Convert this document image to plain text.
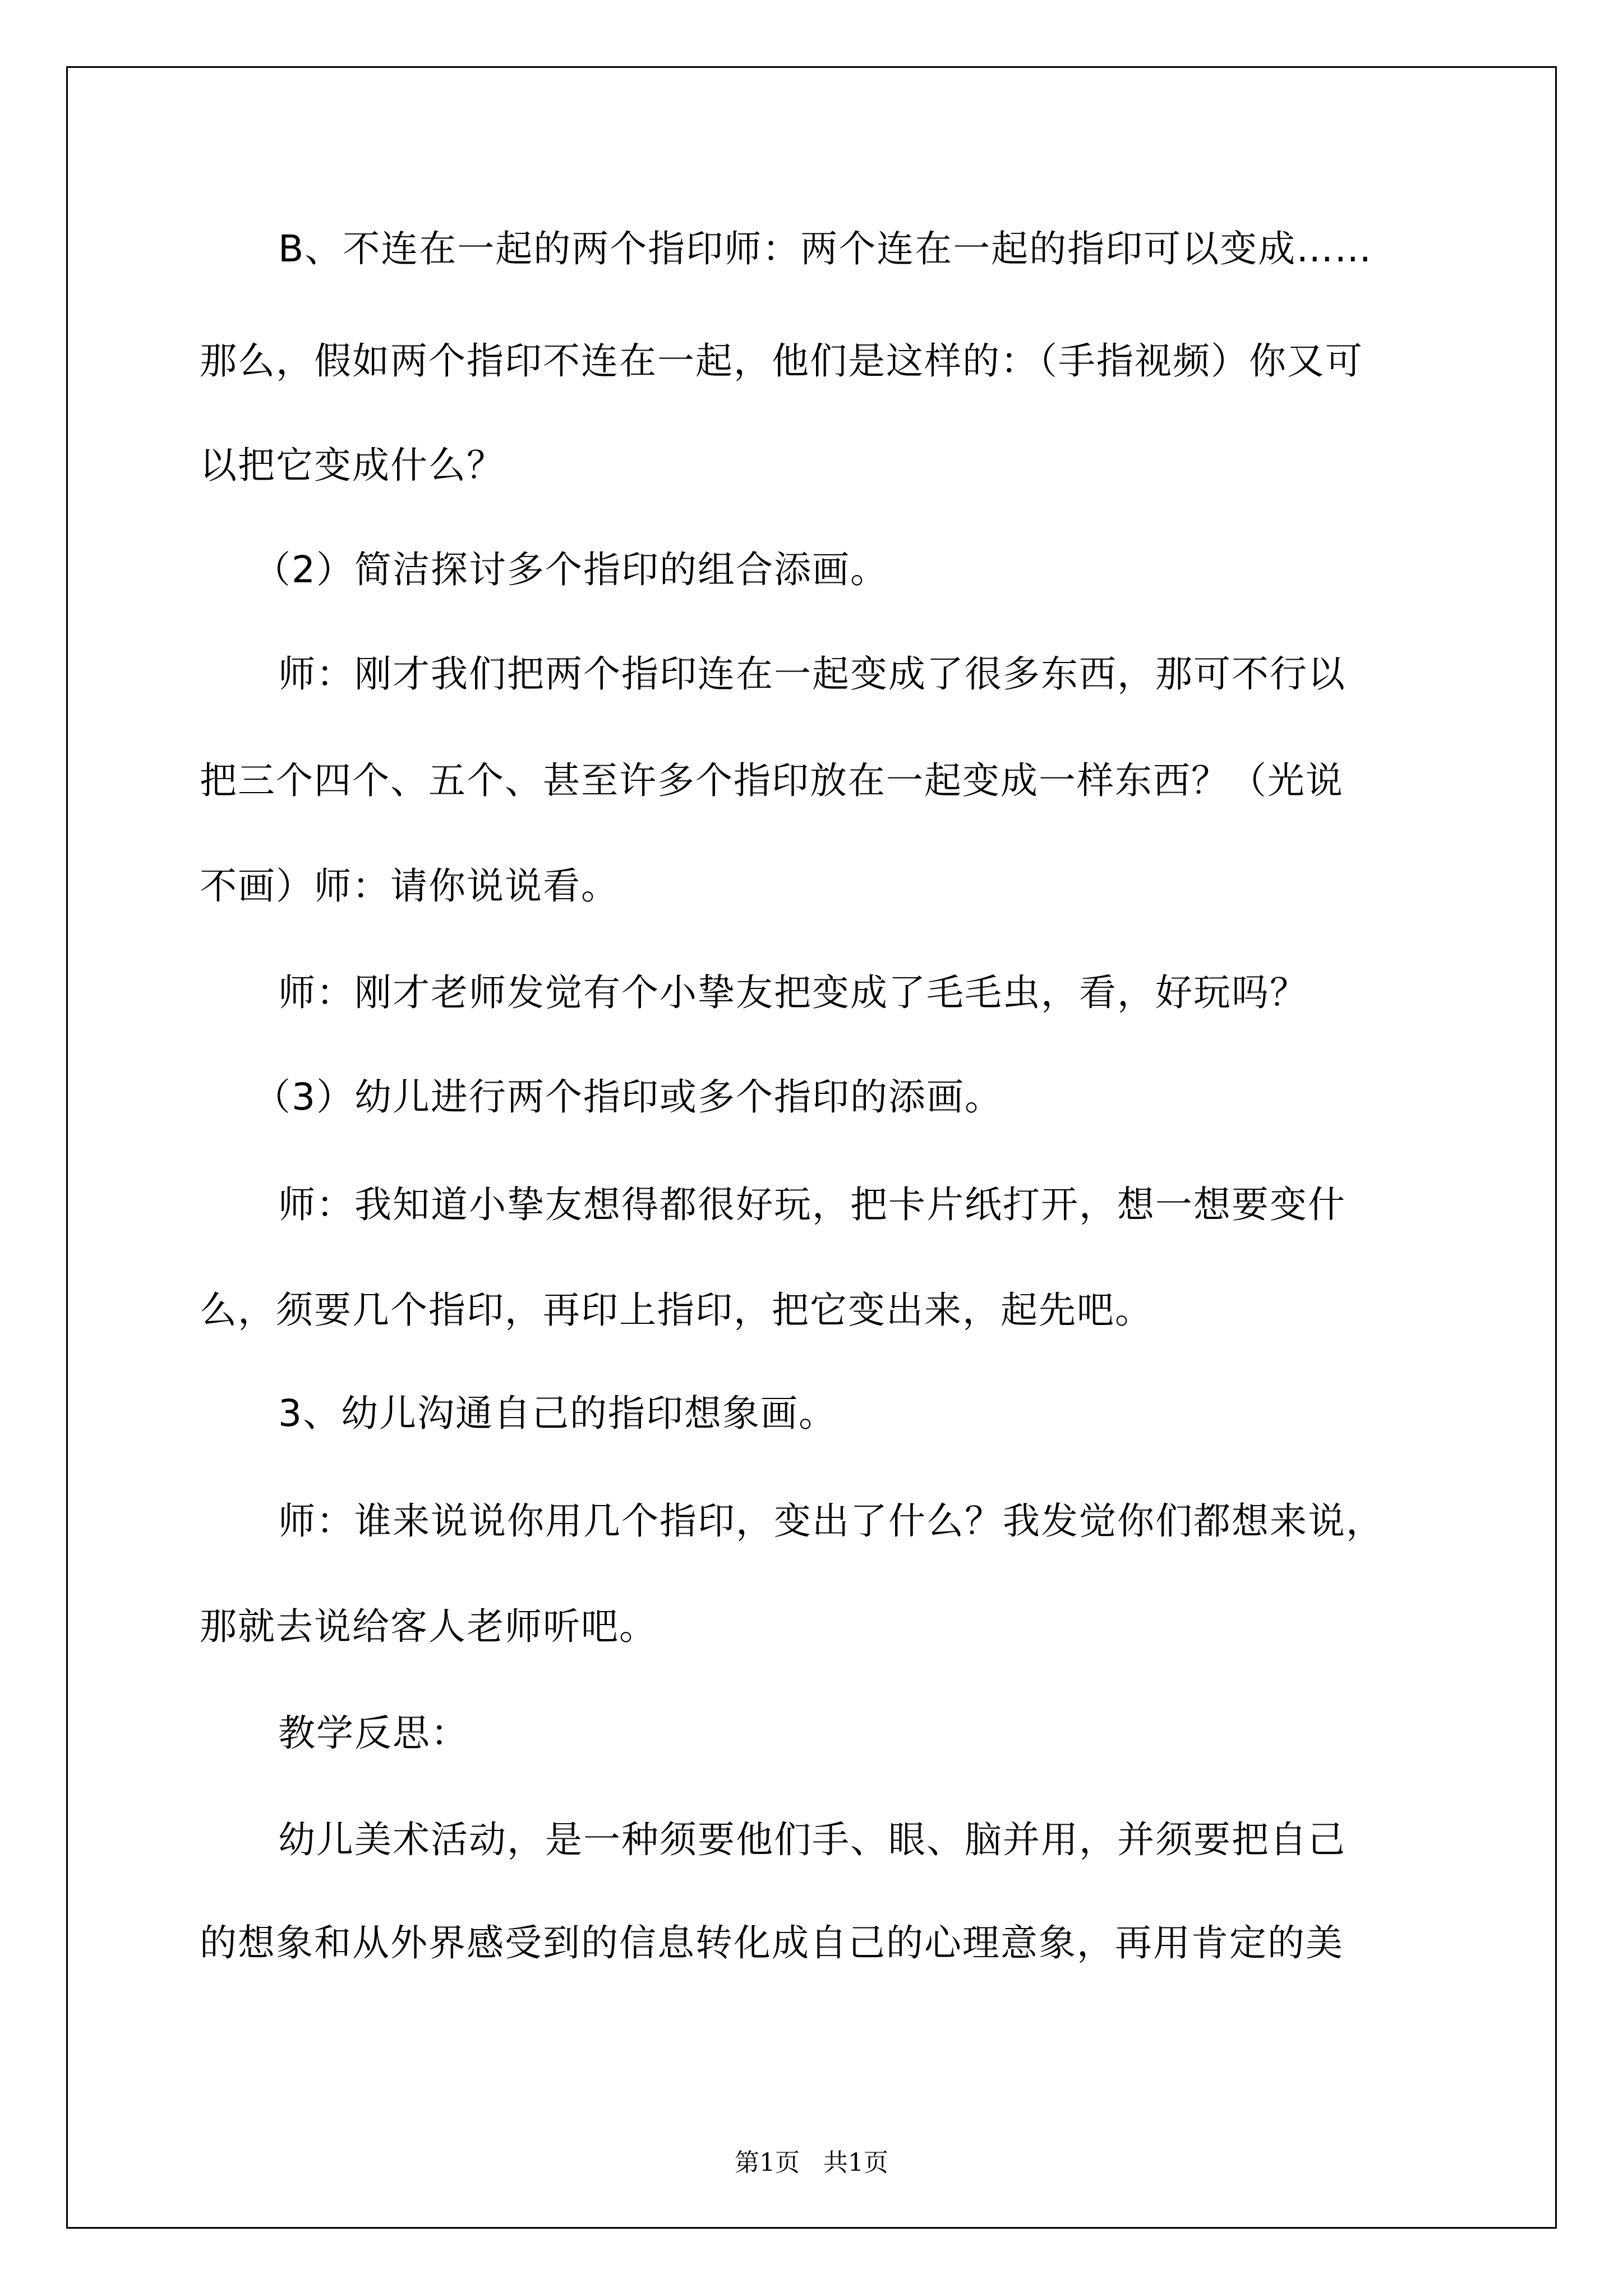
B、不连在一起的两个指印师：两个连在一起的指印可以变成……
那么，假如两个指印不连在一起，他们是这样的：（手指视频）你又可
以把它变成什么？
（2）简洁探讨多个指印的组合添画。
师：刚才我们把两个指印连在一起变成了很多东西，那可不行以
把三个四个、五个、甚至许多个指印放在一起变成一样东西？（光说
不画）师：请你说说看。
师：刚才老师发觉有个小挚友把变成了毛毛虫，看，好玩吗？
（3）幼儿进行两个指印或多个指印的添画。
师：我知道小挚友想得都很好玩，把卡片纸打开，想一想要变什
么，须要几个指印，再印上指印，把它变出来，起先吧。
3、幼儿沟通自己的指印想象画。
师：谁来说说你用几个指印，变出了什么？我发觉你们都想来说，
那就去说给客人老师听吧。
教学反思：
幼儿美术活动，是一种须要他们手、眼、脑并用，并须要把自己
的想象和从外界感受到的信息转化成自己的心理意象，再用肯定的美
第1页   共1页
